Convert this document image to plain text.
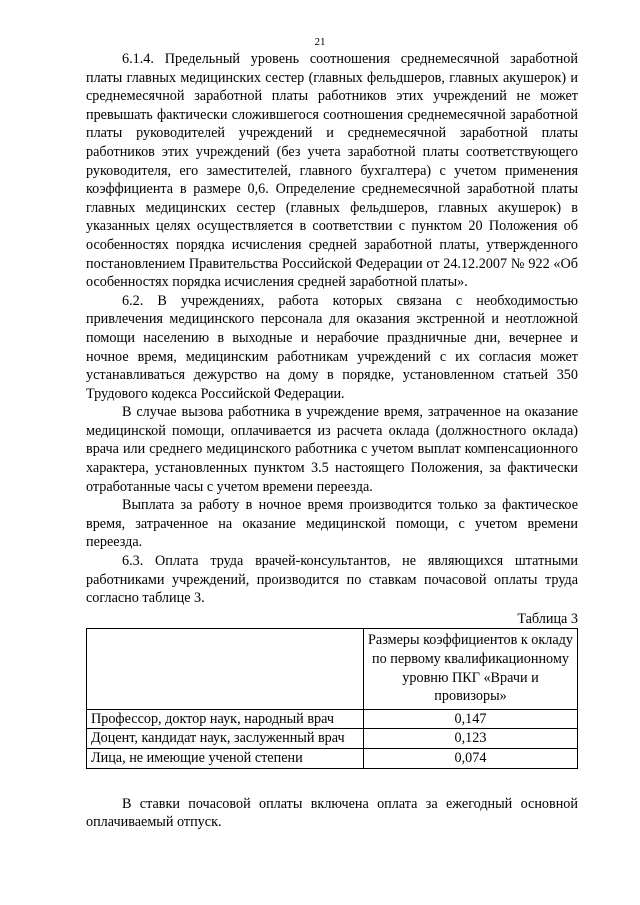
21

6.1.4. Предельный уровень соотношения среднемесячной заработной платы главных медицинских сестер (главных фельдшеров, главных акушерок) и среднемесячной заработной платы работников этих учреждений не может превышать фактически сложившегося соотношения среднемесячной заработной платы руководителей учреждений и среднемесячной заработной платы работников этих учреждений (без учета заработной платы соответствующего руководителя, его заместителей, главного бухгалтера) с учетом применения коэффициента в размере 0,6. Определение среднемесячной заработной платы главных медицинских сестер (главных фельдшеров, главных акушерок) в указанных целях осуществляется в соответствии с пунктом 20 Положения об особенностях порядка исчисления средней заработной платы, утвержденного постановлением Правительства Российской Федерации от 24.12.2007 № 922 «Об особенностях порядка исчисления средней заработной платы».

6.2. В учреждениях, работа которых связана с необходимостью привлечения медицинского персонала для оказания экстренной и неотложной помощи населению в выходные и нерабочие праздничные дни, вечернее и ночное время, медицинским работникам учреждений с их согласия может устанавливаться дежурство на дому в порядке, установленном статьей 350 Трудового кодекса Российской Федерации.

В случае вызова работника в учреждение время, затраченное на оказание медицинской помощи, оплачивается из расчета оклада (должностного оклада) врача или среднего медицинского работника с учетом выплат компенсационного характера, установленных пунктом 3.5 настоящего Положения, за фактически отработанные часы с учетом времени переезда.

Выплата за работу в ночное время производится только за фактическое время, затраченное на оказание медицинской помощи, с учетом времени переезда.

6.3. Оплата труда врачей-консультантов, не являющихся штатными работниками учреждений, производится по ставкам почасовой оплаты труда согласно таблице 3.

Таблица 3
	Размеры коэффициентов к окладу по первому квалификационному уровню ПКГ «Врачи и провизоры»
Профессор, доктор наук, народный врач	0,147
Доцент, кандидат наук, заслуженный врач	0,123
Лица, не имеющие ученой степени	0,074

В ставки почасовой оплаты включена оплата за ежегодный основной оплачиваемый отпуск.
